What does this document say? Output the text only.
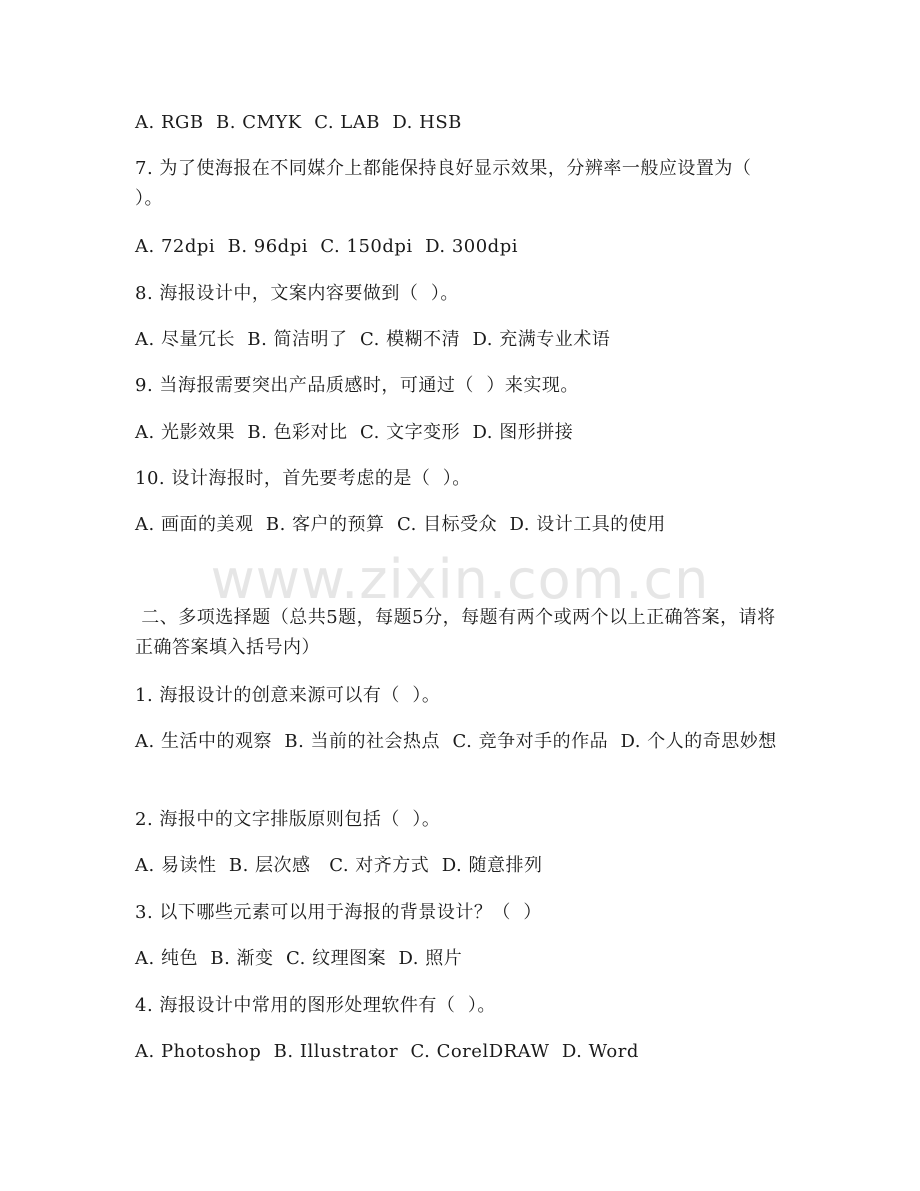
A. RGB  B. CMYK  C. LAB  D. HSB
7. 为了使海报在不同媒介上都能保持良好显示效果，分辨率一般应设置为（  ）。
A. 72dpi  B. 96dpi  C. 150dpi  D. 300dpi
8. 海报设计中，文案内容要做到（  ）。
A. 尽量冗长  B. 简洁明了  C. 模糊不清  D. 充满专业术语
9. 当海报需要突出产品质感时，可通过（  ）来实现。
A. 光影效果  B. 色彩对比  C. 文字变形  D. 图形拼接
10. 设计海报时，首先要考虑的是（  ）。
A. 画面的美观  B. 客户的预算  C. 目标受众  D. 设计工具的使用
www.zixin.com.cn
二、多项选择题（总共5题，每题5分，每题有两个或两个以上正确答案，请将正确答案填入括号内）
1. 海报设计的创意来源可以有（  ）。
A. 生活中的观察  B. 当前的社会热点  C. 竞争对手的作品  D. 个人的奇思妙想
2. 海报中的文字排版原则包括（  ）。
A. 易读性  B. 层次感   C. 对齐方式  D. 随意排列
3. 以下哪些元素可以用于海报的背景设计？（  ）
A. 纯色  B. 渐变  C. 纹理图案  D. 照片
4. 海报设计中常用的图形处理软件有（  ）。
A. Photoshop  B. Illustrator  C. CorelDRAW  D. Word
